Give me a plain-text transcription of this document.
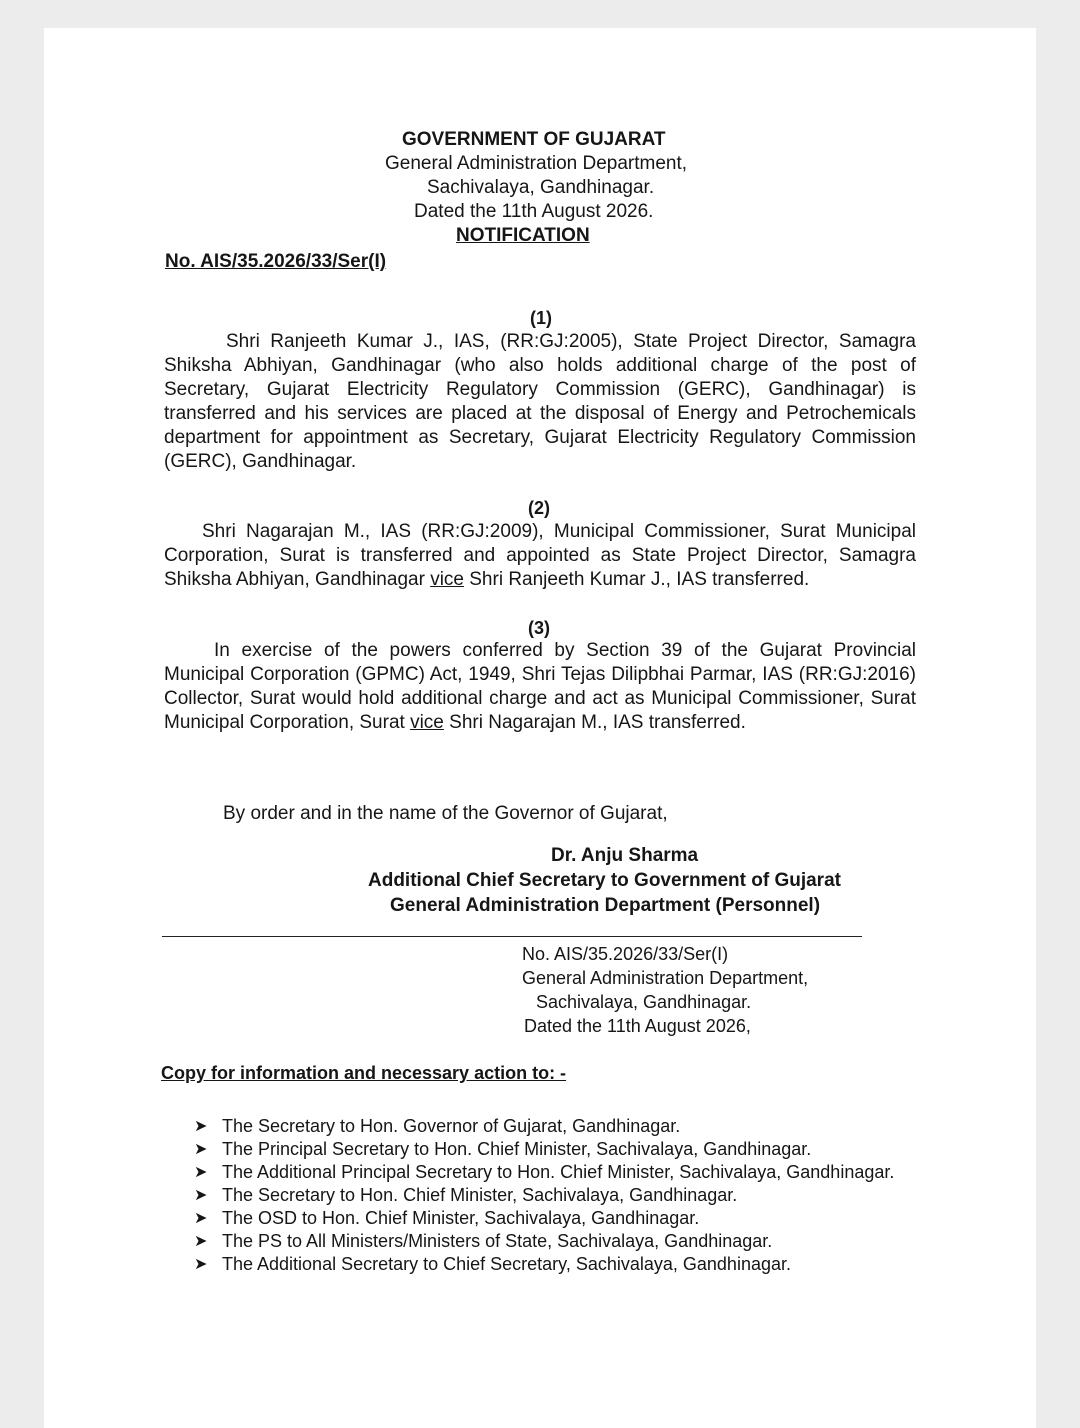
GOVERNMENT OF GUJARAT
General Administration Department,
Sachivalaya, Gandhinagar.
Dated the 11th August 2026.
NOTIFICATION
No. AIS/35.2026/33/Ser(I)
(1)

Shri Ranjeeth Kumar J., IAS, (RR:GJ:2005), State Project Director, Samagra Shiksha Abhiyan, Gandhinagar (who also holds additional charge of the post of Secretary, Gujarat Electricity Regulatory Commission (GERC), Gandhinagar) is transferred and his services are placed at the disposal of Energy and Petrochemicals department for appointment as Secretary, Gujarat Electricity Regulatory Commission (GERC), Gandhinagar.

(2)

Shri Nagarajan M., IAS (RR:GJ:2009), Municipal Commissioner, Surat Municipal Corporation, Surat is transferred and appointed as State Project Director, Samagra Shiksha Abhiyan, Gandhinagar vice Shri Ranjeeth Kumar J., IAS transferred.

(3)

In exercise of the powers conferred by Section 39 of the Gujarat Provincial Municipal Corporation (GPMC) Act, 1949, Shri Tejas Dilipbhai Parmar, IAS (RR:GJ:2016) Collector, Surat would hold additional charge and act as Municipal Commissioner, Surat Municipal Corporation, Surat vice Shri Nagarajan M., IAS transferred.

By order and in the name of the Governor of Gujarat,
Dr. Anju Sharma
Additional Chief Secretary to Government of Gujarat
General Administration Department (Personnel)
No. AIS/35.2026/33/Ser(I)
General Administration Department,
Sachivalaya, Gandhinagar.
Dated the 11th August 2026,
Copy for information and necessary action to: -
➤ The Secretary to Hon. Governor of Gujarat, Gandhinagar.
➤ The Principal Secretary to Hon. Chief Minister, Sachivalaya, Gandhinagar.
➤ The Additional Principal Secretary to Hon. Chief Minister, Sachivalaya, Gandhinagar.
➤ The Secretary to Hon. Chief Minister, Sachivalaya, Gandhinagar.
➤ The OSD to Hon. Chief Minister, Sachivalaya, Gandhinagar.
➤ The PS to All Ministers/Ministers of State, Sachivalaya, Gandhinagar.
➤ The Additional Secretary to Chief Secretary, Sachivalaya, Gandhinagar.
